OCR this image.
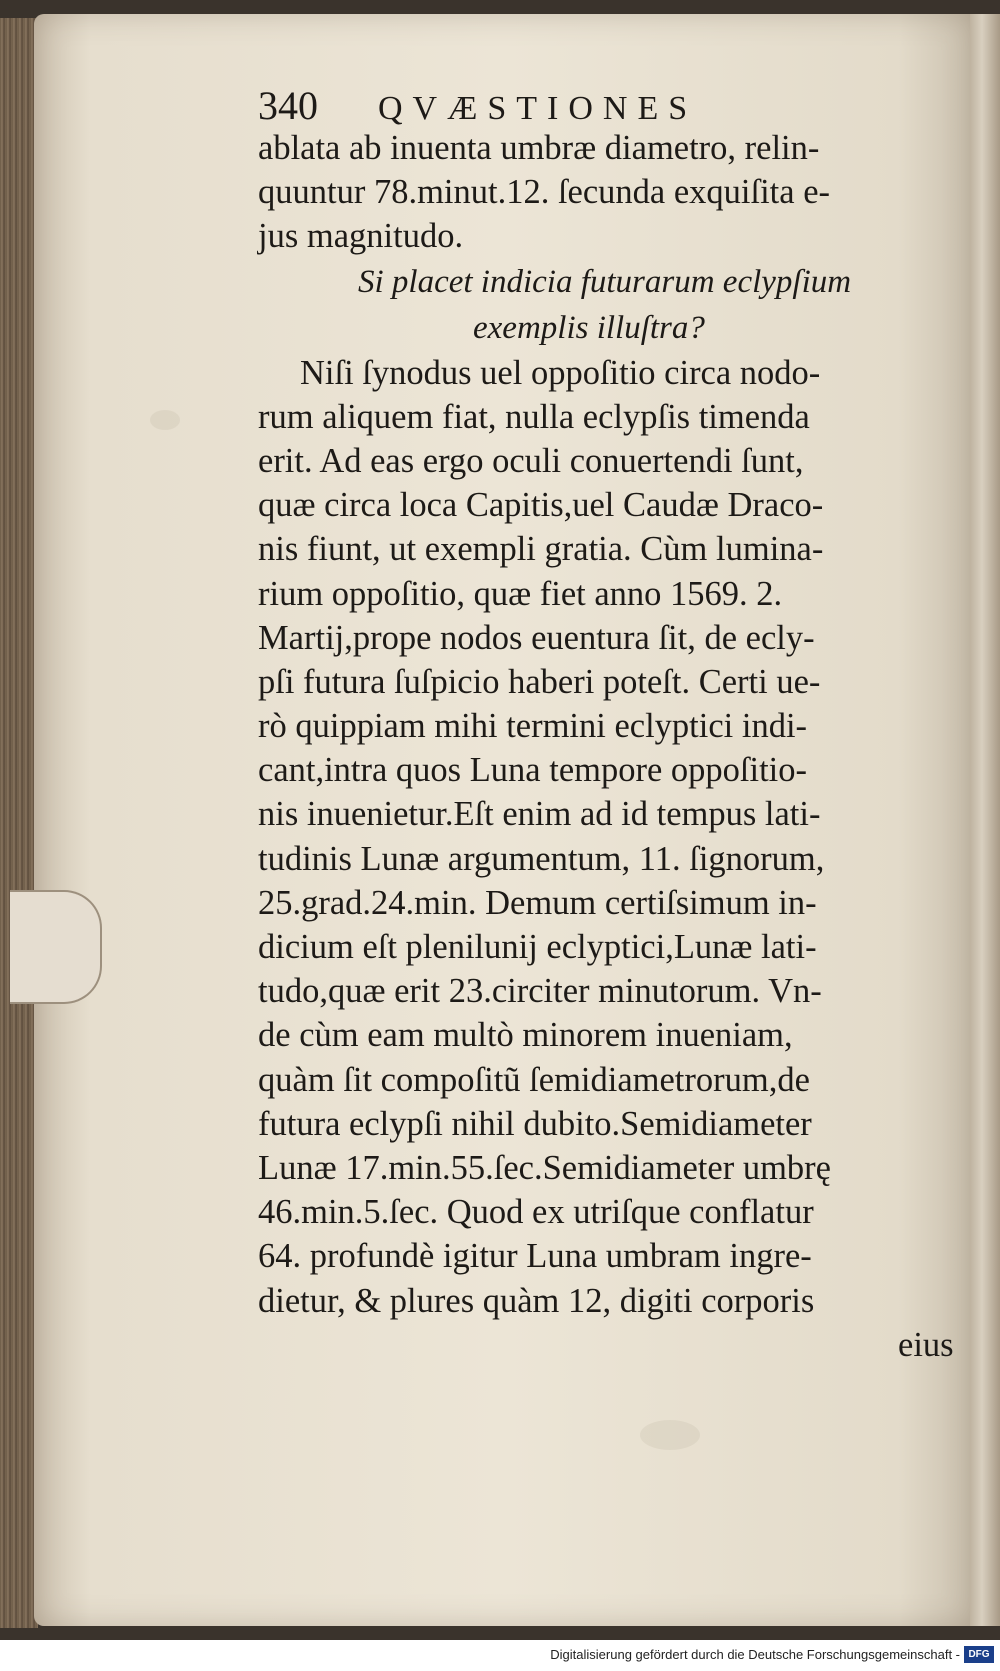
340 QVÆSTIONES
ablata ab inuenta umbræ diametro, relin-
quuntur 78.minut.12. ſecunda exquiſita e-
jus magnitudo.
Si placet indicia futurarum eclypſium
exemplis illuſtra?
Niſi ſynodus uel oppoſitio circa nodo-
rum aliquem fiat, nulla eclypſis timenda
erit. Ad eas ergo oculi conuertendi ſunt,
quæ circa loca Capitis,uel Caudæ Draco-
nis fiunt, ut exempli gratia. Cùm lumina-
rium oppoſitio, quæ fiet anno 1569. 2.
Martij,prope nodos euentura ſit, de ecly-
pſi futura ſuſpicio haberi poteſt. Certi ue-
rò quippiam mihi termini eclyptici indi-
cant,intra quos Luna tempore oppoſitio-
nis inuenietur.Eſt enim ad id tempus lati-
tudinis Lunæ argumentum, 11. ſignorum,
25.grad.24.min. Demum certiſsimum in-
dicium eſt plenilunij eclyptici,Lunæ lati-
tudo,quæ erit 23.circiter minutorum. Vn-
de cùm eam multò minorem inueniam,
quàm ſit compoſitũ ſemidiametrorum,de
futura eclypſi nihil dubito.Semidiameter
Lunæ 17.min.55.ſec.Semidiameter umbrę
46.min.5.ſec. Quod ex utriſque conflatur
64. profundè igitur Luna umbram ingre-
dietur, & plures quàm 12, digiti corporis
eius
Digitalisierung gefördert durch die Deutsche Forschungsgemeinschaft - DFG
